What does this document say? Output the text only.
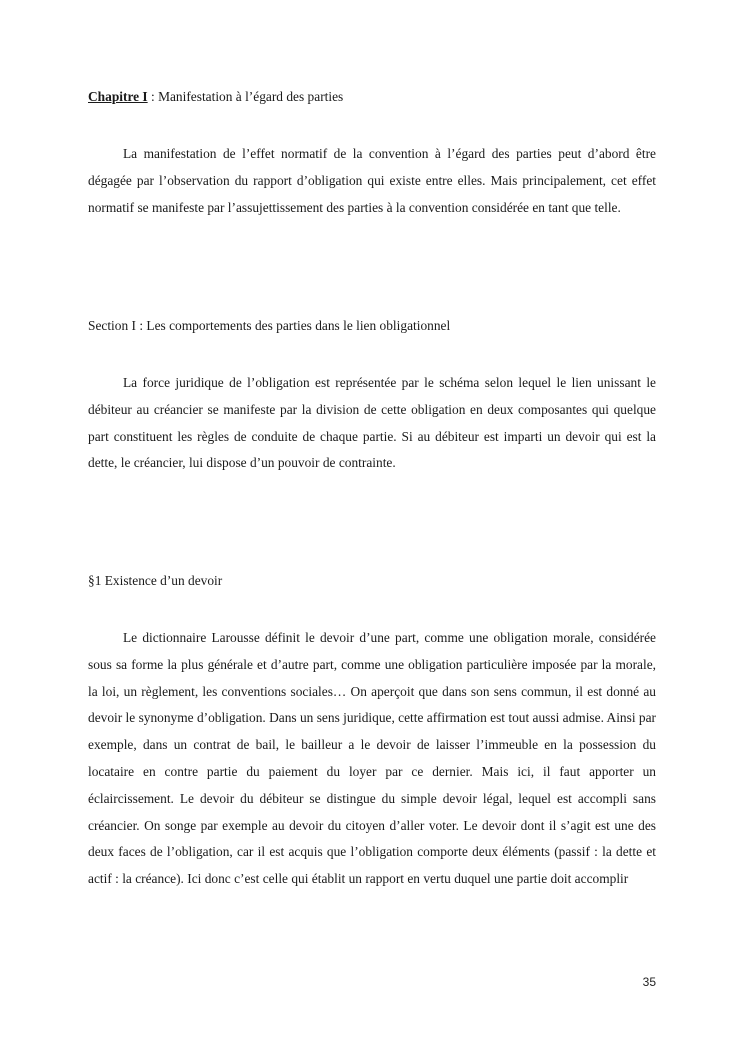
Chapitre I : Manifestation à l’égard des parties

La manifestation de l’effet normatif de la convention à l’égard des parties peut d’abord être dégagée par l’observation du rapport d’obligation qui existe entre elles. Mais principalement, cet effet normatif se manifeste par l’assujettissement des parties à la convention considérée en tant que telle.

Section I : Les comportements des parties dans le lien obligationnel

La force juridique de l’obligation est représentée par le schéma selon lequel le lien unissant le débiteur au créancier se manifeste par la division de cette obligation en deux composantes qui quelque part constituent les règles de conduite de chaque partie. Si au débiteur est imparti un devoir qui est la dette, le créancier, lui dispose d’un pouvoir de contrainte.

§1 Existence d’un devoir

Le dictionnaire Larousse définit le devoir d’une part, comme une obligation morale, considérée sous sa forme la plus générale et d’autre part, comme une obligation particulière imposée par la morale, la loi, un règlement, les conventions sociales… On aperçoit que dans son sens commun, il est donné au devoir le synonyme d’obligation. Dans un sens juridique, cette affirmation est tout aussi admise. Ainsi par exemple, dans un contrat de bail, le bailleur a le devoir de laisser l’immeuble en la possession du locataire en contre partie du paiement du loyer par ce dernier. Mais ici, il faut apporter un éclaircissement. Le devoir du débiteur se distingue du simple devoir légal, lequel est accompli sans créancier. On songe par exemple au devoir du citoyen d’aller voter. Le devoir dont il s’agit est une des deux faces de l’obligation, car il est acquis que l’obligation comporte deux éléments (passif : la dette et actif : la créance). Ici donc c’est celle qui établit un rapport en vertu duquel une partie doit accomplir

35
